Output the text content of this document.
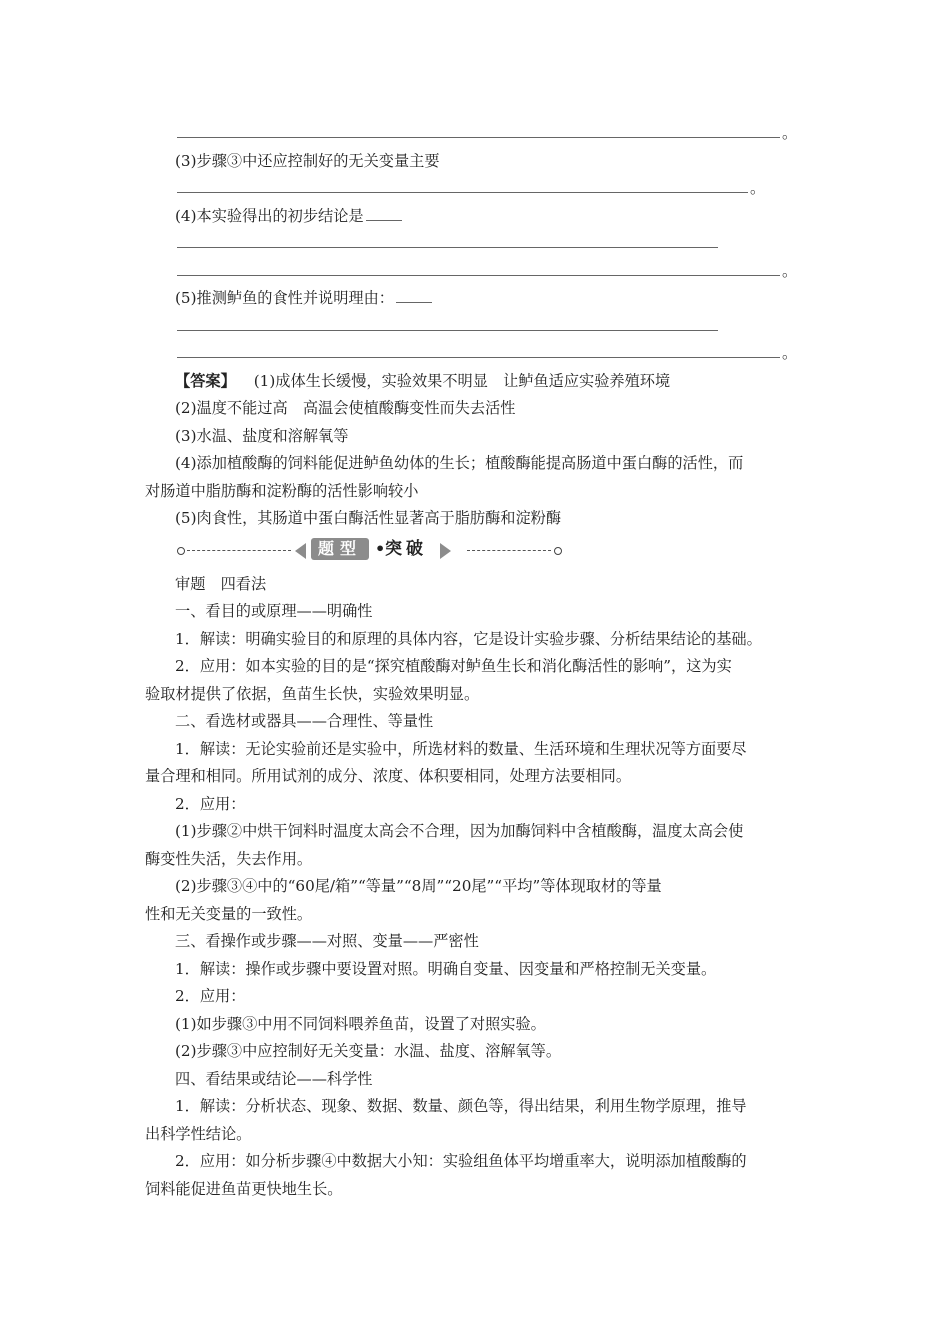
。
(3)步骤③中还应控制好的无关变量主要
。
(4)本实验得出的初步结论是
。
(5)推测鲈鱼的食性并说明理由：
。
【答案】 (1)成体生长缓慢，实验效果不明显　让鲈鱼适应实验养殖环境
(2)温度不能过高　高温会使植酸酶变性而失去活性
(3)水温、盐度和溶解氧等
(4)添加植酸酶的饲料能促进鲈鱼幼体的生长；植酸酶能提高肠道中蛋白酶的活性，而
对肠道中脂肪酶和淀粉酶的活性影响较小
(5)肉食性，其肠道中蛋白酶活性显著高于脂肪酶和淀粉酶
题型 • 突破
审题　四看法
一、看目的或原理——明确性
1．解读：明确实验目的和原理的具体内容，它是设计实验步骤、分析结果结论的基础。
2．应用：如本实验的目的是“探究植酸酶对鲈鱼生长和消化酶活性的影响”，这为实
验取材提供了依据，鱼苗生长快，实验效果明显。
二、看选材或器具——合理性、等量性
1．解读：无论实验前还是实验中，所选材料的数量、生活环境和生理状况等方面要尽
量合理和相同。所用试剂的成分、浓度、体积要相同，处理方法要相同。
2．应用：
(1)步骤②中烘干饲料时温度太高会不合理，因为加酶饲料中含植酸酶，温度太高会使
酶变性失活，失去作用。
(2)步骤③④中的“60尾/箱”“等量”“8周”“20尾”“平均”等体现取材的等量
性和无关变量的一致性。
三、看操作或步骤——对照、变量——严密性
1．解读：操作或步骤中要设置对照。明确自变量、因变量和严格控制无关变量。
2．应用：
(1)如步骤③中用不同饲料喂养鱼苗，设置了对照实验。
(2)步骤③中应控制好无关变量：水温、盐度、溶解氧等。
四、看结果或结论——科学性
1．解读：分析状态、现象、数据、数量、颜色等，得出结果，利用生物学原理，推导
出科学性结论。
2．应用：如分析步骤④中数据大小知：实验组鱼体平均增重率大，说明添加植酸酶的
饲料能促进鱼苗更快地生长。
